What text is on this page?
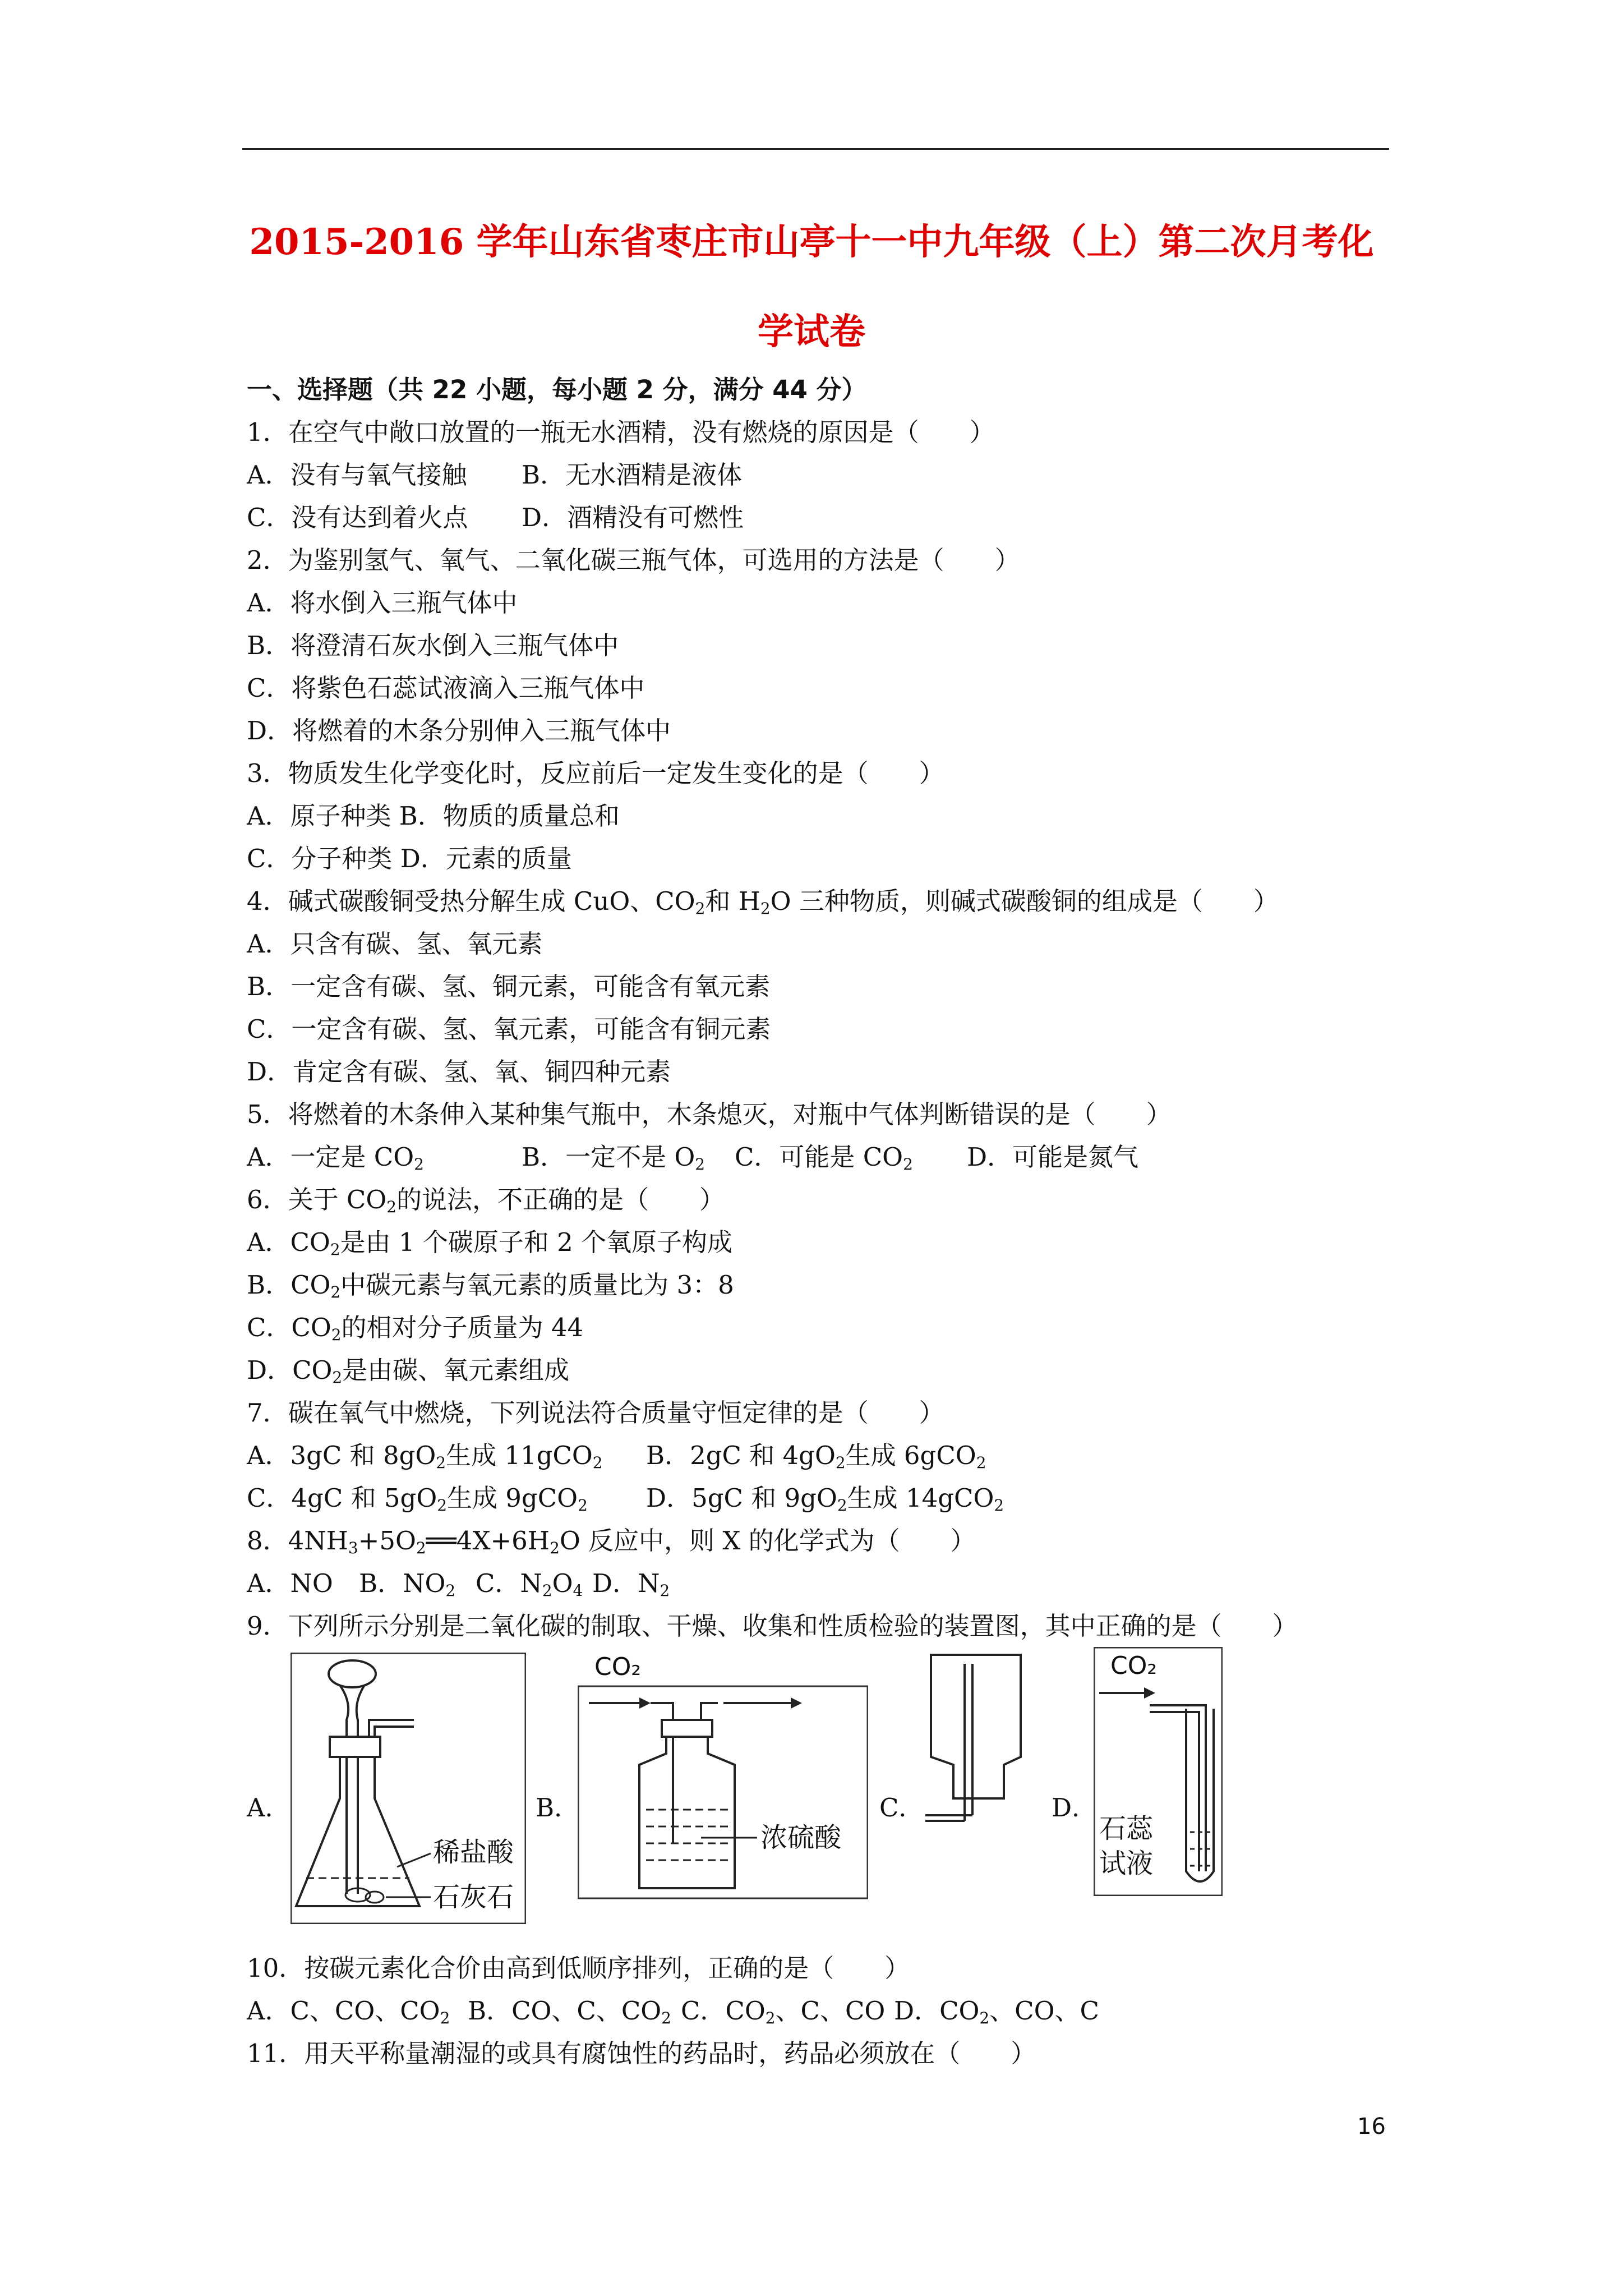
2015-2016 学年山东省枣庄市山亭十一中九年级（上）第二次月考化
学试卷
一、选择题（共 22 小题，每小题 2 分，满分 44 分）
1．在空气中敞口放置的一瓶无水酒精，没有燃烧的原因是（　　）
A．没有与氧气接触 B．无水酒精是液体
C．没有达到着火点 D．酒精没有可燃性
2．为鉴别氢气、氧气、二氧化碳三瓶气体，可选用的方法是（　　）
A．将水倒入三瓶气体中
B．将澄清石灰水倒入三瓶气体中
C．将紫色石蕊试液滴入三瓶气体中
D．将燃着的木条分别伸入三瓶气体中
3．物质发生化学变化时，反应前后一定发生变化的是（　　）
A．原子种类 B．物质的质量总和
C．分子种类 D．元素的质量
4．碱式碳酸铜受热分解生成 CuO、$CO_2$和 $H_2O$ 三种物质，则碱式碳酸铜的组成是（　　）
A．只含有碳、氢、氧元素
B．一定含有碳、氢、铜元素，可能含有氧元素
C．一定含有碳、氢、氧元素，可能含有铜元素
D．肯定含有碳、氢、氧、铜四种元素
5．将燃着的木条伸入某种集气瓶中，木条熄灭，对瓶中气体判断错误的是（　　）
A．一定是 $CO_2$	B．一定不是 $O_2$ C．可能是 $CO_2$ D．可能是氮气
6．关于 $CO_2$的说法，不正确的是（　　）
A．$CO_2$是由 1 个碳原子和 2 个氧原子构成
B．$CO_2$中碳元素与氧元素的质量比为 3：8
C．$CO_2$的相对分子质量为 44
D．$CO_2$是由碳、氧元素组成
7．碳在氧气中燃烧，下列说法符合质量守恒定律的是（　　）
A．3gC 和 $8gO_2$生成 11gCO$_2$ B．2gC 和 $4gO_2$生成 6gCO$_2$
C．4gC 和 $5gO_2$生成 9gCO$_2$ D．5gC 和 $9gO_2$生成 14gCO$_2$
8．$4NH_3+5O_2══4X+6H_2O$ 反应中，则 X 的化学式为（　　）
A．NO B．$NO_2$ C．$N_2O_4$ D．$N_2$
9．下列所示分别是二氧化碳的制取、干燥、收集和性质检验的装置图，其中正确的是（　　）
A．	B．	C．	D．
稀盐酸
石灰石
CO₂
浓硫酸
CO₂
石蕊
试液
10．按碳元素化合价由高到低顺序排列，正确的是（　　）
A．C、CO、$CO_2$ B．CO、C、$CO_2$ C．$CO_2$、C、CO D．$CO_2$、CO、C
11．用天平称量潮湿的或具有腐蚀性的药品时，药品必须放在（　　）
16
